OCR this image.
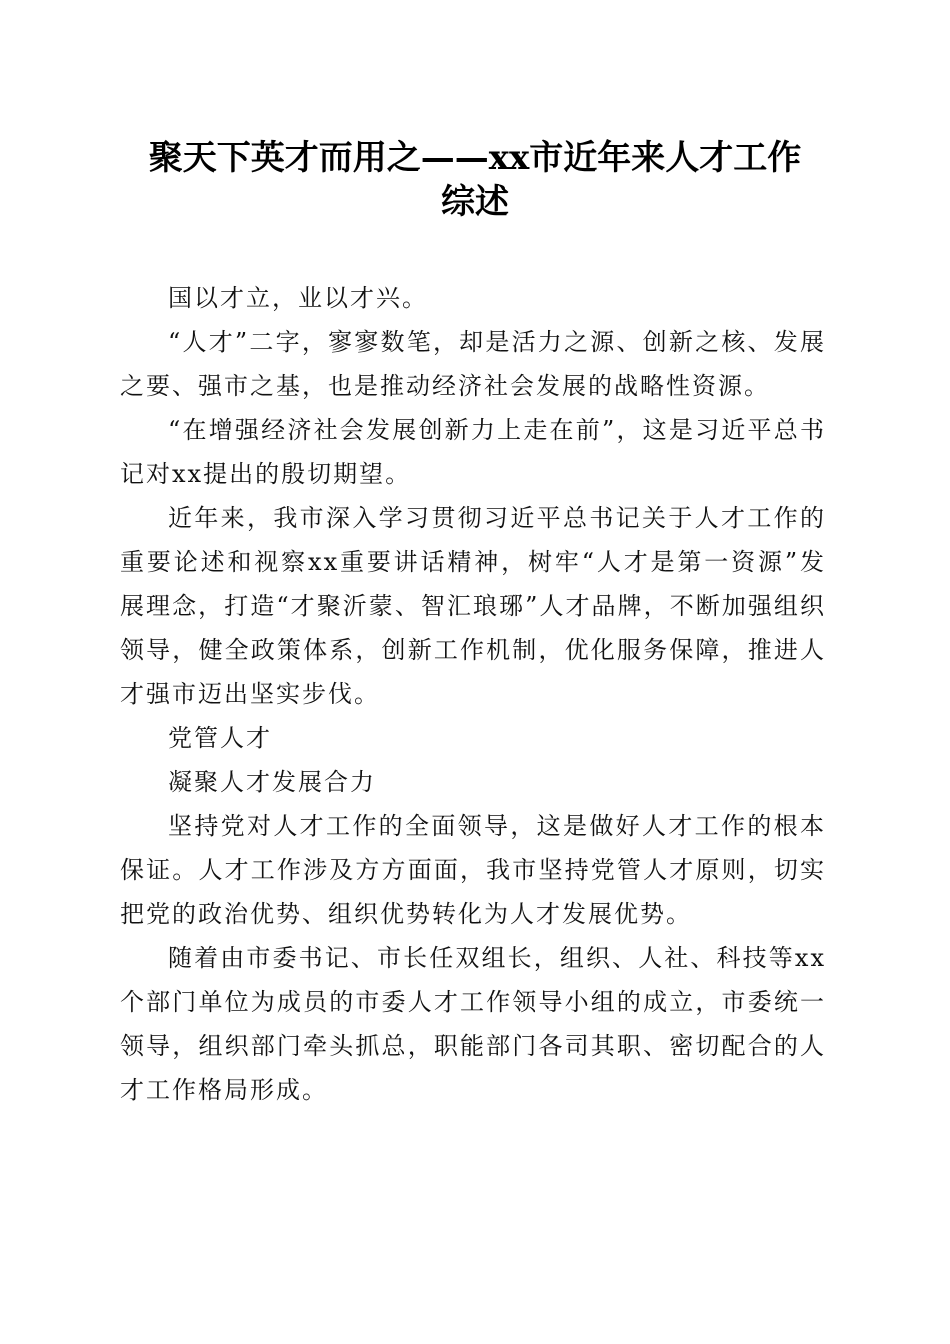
聚天下英才而用之——xx市近年来人才工作
综述

国以才立，业以才兴。

“人才”二字，寥寥数笔，却是活力之源、创新之核、发展之要、强市之基，也是推动经济社会发展的战略性资源。

“在增强经济社会发展创新力上走在前”，这是习近平总书记对xx提出的殷切期望。

近年来，我市深入学习贯彻习近平总书记关于人才工作的重要论述和视察xx重要讲话精神，树牢“人才是第一资源”发展理念，打造“才聚沂蒙、智汇琅琊”人才品牌，不断加强组织领导，健全政策体系，创新工作机制，优化服务保障，推进人才强市迈出坚实步伐。

党管人才

凝聚人才发展合力

坚持党对人才工作的全面领导，这是做好人才工作的根本保证。人才工作涉及方方面面，我市坚持党管人才原则，切实把党的政治优势、组织优势转化为人才发展优势。

随着由市委书记、市长任双组长，组织、人社、科技等xx个部门单位为成员的市委人才工作领导小组的成立，市委统一领导，组织部门牵头抓总，职能部门各司其职、密切配合的人才工作格局形成。
